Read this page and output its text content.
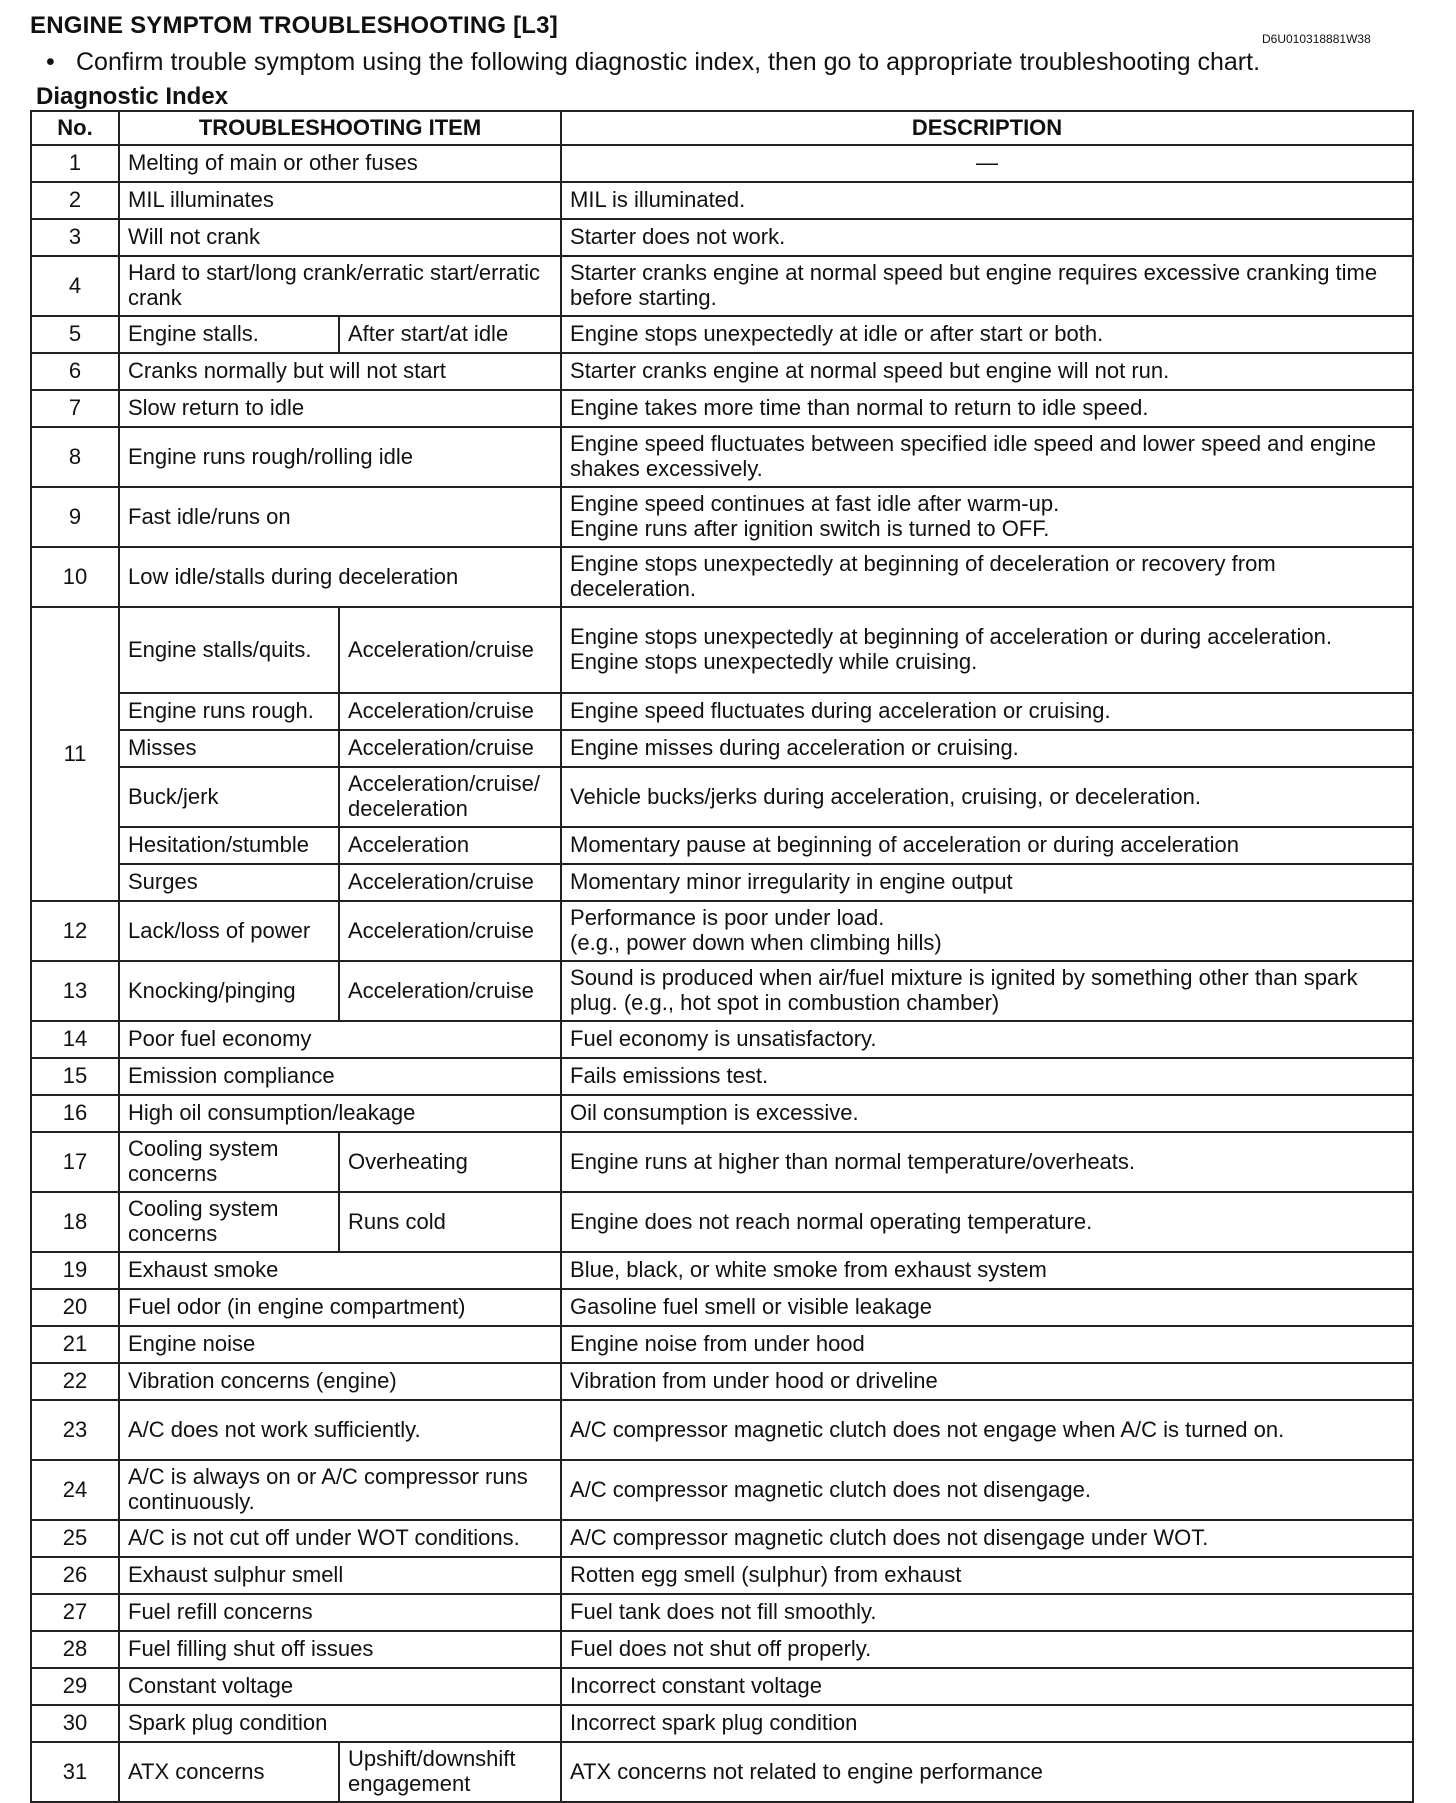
ENGINE SYMPTOM TROUBLESHOOTING [L3]	D6U010318881W38
• Confirm trouble symptom using the following diagnostic index, then go to appropriate troubleshooting chart.
Diagnostic Index
No.	TROUBLESHOOTING ITEM		DESCRIPTION
1	Melting of main or other fuses		—
2	MIL illuminates		MIL is illuminated.
3	Will not crank		Starter does not work.
4	Hard to start/long crank/erratic start/erratic crank		Starter cranks engine at normal speed but engine requires excessive cranking time before starting.
5	Engine stalls.	After start/at idle	Engine stops unexpectedly at idle or after start or both.
6	Cranks normally but will not start		Starter cranks engine at normal speed but engine will not run.
7	Slow return to idle		Engine takes more time than normal to return to idle speed.
8	Engine runs rough/rolling idle		Engine speed fluctuates between specified idle speed and lower speed and engine shakes excessively.
9	Fast idle/runs on		Engine speed continues at fast idle after warm-up.
Engine runs after ignition switch is turned to OFF.

10	Low idle/stalls during deceleration		Engine stops unexpectedly at beginning of deceleration or recovery from deceleration.
11	Engine stalls/quits.	Acceleration/cruise	Engine stops unexpectedly at beginning of acceleration or during acceleration.
Engine stops unexpectedly while cruising.

	Engine runs rough.	Acceleration/cruise	Engine speed fluctuates during acceleration or cruising.
	Misses	Acceleration/cruise	Engine misses during acceleration or cruising.
	Buck/jerk	Acceleration/cruise/ deceleration	Vehicle bucks/jerks during acceleration, cruising, or deceleration.
	Hesitation/stumble	Acceleration	Momentary pause at beginning of acceleration or during acceleration
	Surges	Acceleration/cruise	Momentary minor irregularity in engine output
12	Lack/loss of power	Acceleration/cruise	Performance is poor under load.
(e.g., power down when climbing hills)

13	Knocking/pinging	Acceleration/cruise	Sound is produced when air/fuel mixture is ignited by something other than spark plug. (e.g., hot spot in combustion chamber)
14	Poor fuel economy		Fuel economy is unsatisfactory.
15	Emission compliance		Fails emissions test.
16	High oil consumption/leakage		Oil consumption is excessive.
17	Cooling system concerns	Overheating	Engine runs at higher than normal temperature/overheats.
18	Cooling system concerns	Runs cold	Engine does not reach normal operating temperature.
19	Exhaust smoke		Blue, black, or white smoke from exhaust system
20	Fuel odor (in engine compartment)		Gasoline fuel smell or visible leakage
21	Engine noise		Engine noise from under hood
22	Vibration concerns (engine)		Vibration from under hood or driveline
23	A/C does not work sufficiently.		A/C compressor magnetic clutch does not engage when A/C is turned on.
24	A/C is always on or A/C compressor runs continuously.		A/C compressor magnetic clutch does not disengage.
25	A/C is not cut off under WOT conditions.		A/C compressor magnetic clutch does not disengage under WOT.
26	Exhaust sulphur smell		Rotten egg smell (sulphur) from exhaust
27	Fuel refill concerns		Fuel tank does not fill smoothly.
28	Fuel filling shut off issues		Fuel does not shut off properly.
29	Constant voltage		Incorrect constant voltage
30	Spark plug condition		Incorrect spark plug condition
31	ATX concerns	Upshift/downshift engagement	ATX concerns not related to engine performance
